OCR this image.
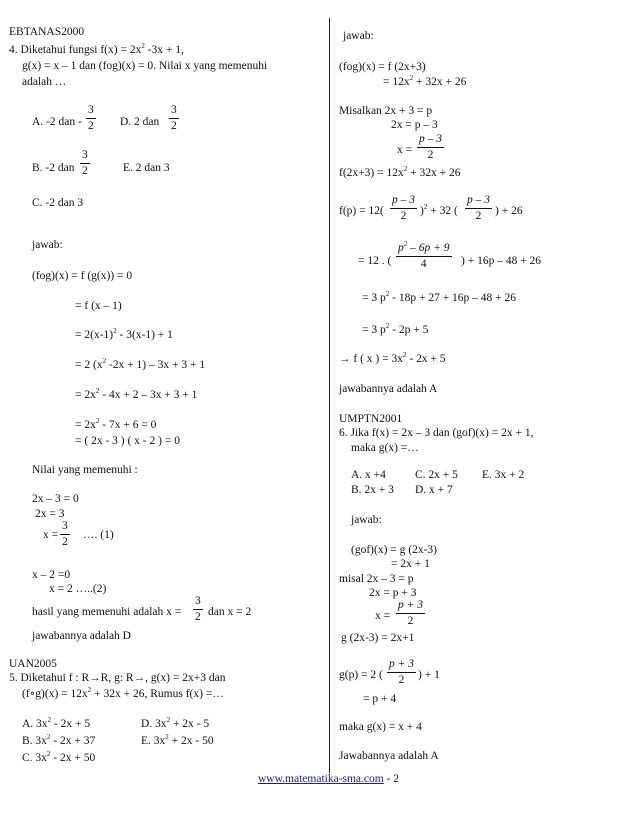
EBTANAS2000
4. Diketahui fungsi $f(x) = 2x^2$ -3x + 1,
g(x) = x – 1 dan (fog)(x) = 0. Nilai x yang memenuhi
adalah …
A. -2 dan - $\frac{3}{2} D$. 2 dan $\frac{3}{2}$
B. -2 dan $\frac{3}{2}$	E. 2 dan 3
C. -2 dan 3
jawab:
(fog)(x) = f (g(x)) = 0
= f (x – 1)
= $2(x-1)^2 - 3(x-1) + 1$
= 2 ($x^2$ -2x + 1) – 3x + 3 + 1
= $2x^2 - 4x + 2 - 3x + 3 + 1$
= $2x^2 - 7x + 6 = 0$
= ( 2x - 3 ) ( x - 2 ) = 0
Nilai yang memenuhi :
2x – 3 = 0
2x = 3
$x = \frac{3}{2}$ …. (1)
x – 2 =0
x = 2 …..(2)
hasil yang memenuhi adalah $x = \frac{3}{2}$ dan x = 2
jawabannya adalah D
UAN2005
5. Diketahui f : R→R, g: R→, g(x) = 2x+3 dan
(f∘g)(x) = $12x^2 + 32x + 26$, Rumus f(x) =…
A. $3x^2 - 2x + 5$	D. $3x^2 + 2x - 5$
B. $3x^2 - 2x + 37$	E. $3x^2 + 2x - 50$
C. $3x^2 - 2x + 50$
jawab:
(fog)(x) = f (2x+3)
= $12x^2 + 32x + 26$
Misalkan 2x + 3 = p
2x = p – 3
$x = \frac{p - 3}{2}$
$f(2x+3) = 12x^2 + 32x + 26$
$f(p) = 12( \frac{p - 3}{2} )^2 + 32$ ( $\frac{p - 3}{2}$ ) + 26
= 12 . ( $\frac{p^2 - 6p + 9}{4}$ ) + 16p – 48 + 26
= 3 $p^2 - 18p + 27 + 16p - 48 + 26$
= 3 $p^2 - 2p + 5$
→ f ( x ) = $3x^2 - 2x + 5$
jawabannya adalah A
UMPTN2001
6. Jika f(x) = 2x – 3 dan (gof)(x) = 2x + 1,
maka g(x) =…
A. x +4	C. 2x + 5 E. 3x + 2
B. 2x + 3 D. x + 7
jawab:
(gof)(x) = g (2x-3)
= 2x + 1
misal 2x – 3 = p
2x = p + 3
$x = \frac{p + 3}{2}$
g (2x-3) = 2x+1
g(p) = 2 ( $\frac{p + 3}{2}$ ) + 1
= p + 4
maka g(x) = x + 4
Jawabannya adalah A
www.matematika-sma.com - 2
